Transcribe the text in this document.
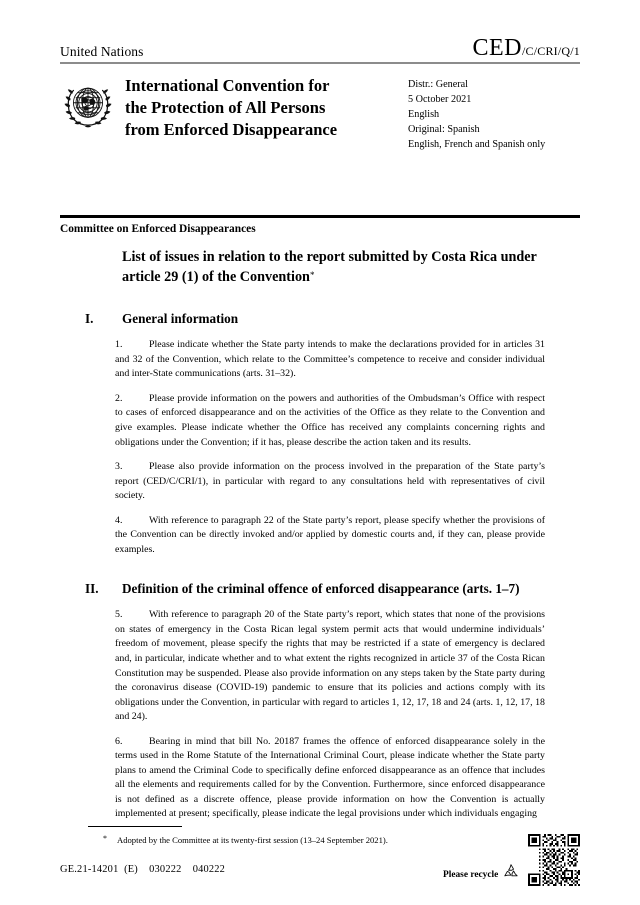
United Nations	CED/C/CRI/Q/1
International Convention for
the Protection of All Persons
from Enforced Disappearance
Distr.: General
5 October 2021
English
Original: Spanish
English, French and Spanish only
Committee on Enforced Disappearances
List of issues in relation to the report submitted by Costa Rica under article 29 (1) of the Convention*
I.	General information
1.	Please indicate whether the State party intends to make the declarations provided for in articles 31 and 32 of the Convention, which relate to the Committee’s competence to receive and consider individual and inter-State communications (arts. 31–32).
2.	Please provide information on the powers and authorities of the Ombudsman’s Office with respect to cases of enforced disappearance and on the activities of the Office as they relate to the Convention and give examples. Please indicate whether the Office has received any complaints concerning rights and obligations under the Convention; if it has, please describe the action taken and its results.
3.	Please also provide information on the process involved in the preparation of the State party’s report (CED/C/CRI/1), in particular with regard to any consultations held with representatives of civil society.
4.	With reference to paragraph 22 of the State party’s report, please specify whether the provisions of the Convention can be directly invoked and/or applied by domestic courts and, if they can, please provide examples.
II.	Definition of the criminal offence of enforced disappearance (arts. 1–7)
5.	With reference to paragraph 20 of the State party’s report, which states that none of the provisions on states of emergency in the Costa Rican legal system permit acts that would undermine individuals’ freedom of movement, please specify the rights that may be restricted if a state of emergency is declared and, in particular, indicate whether and to what extent the rights recognized in article 37 of the Costa Rican Constitution may be suspended. Please also provide information on any steps taken by the State party during the coronavirus disease (COVID-19) pandemic to ensure that its policies and actions comply with its obligations under the Convention, in particular with regard to articles 1, 12, 17, 18 and 24 (arts. 1, 12, 17, 18 and 24).
6.	Bearing in mind that bill No. 20187 frames the offence of enforced disappearance solely in the terms used in the Rome Statute of the International Criminal Court, please indicate whether the State party plans to amend the Criminal Code to specifically define enforced disappearance as an offence that includes all the elements and requirements called for by the Convention. Furthermore, since enforced disappearance is not defined as a discrete offence, please provide information on how the Convention is actually implemented at present; specifically, please indicate the legal provisions under which individuals engaging
* Adopted by the Committee at its twenty-first session (13–24 September 2021).
GE.21-14201  (E)    030222    040222	Please recycle
